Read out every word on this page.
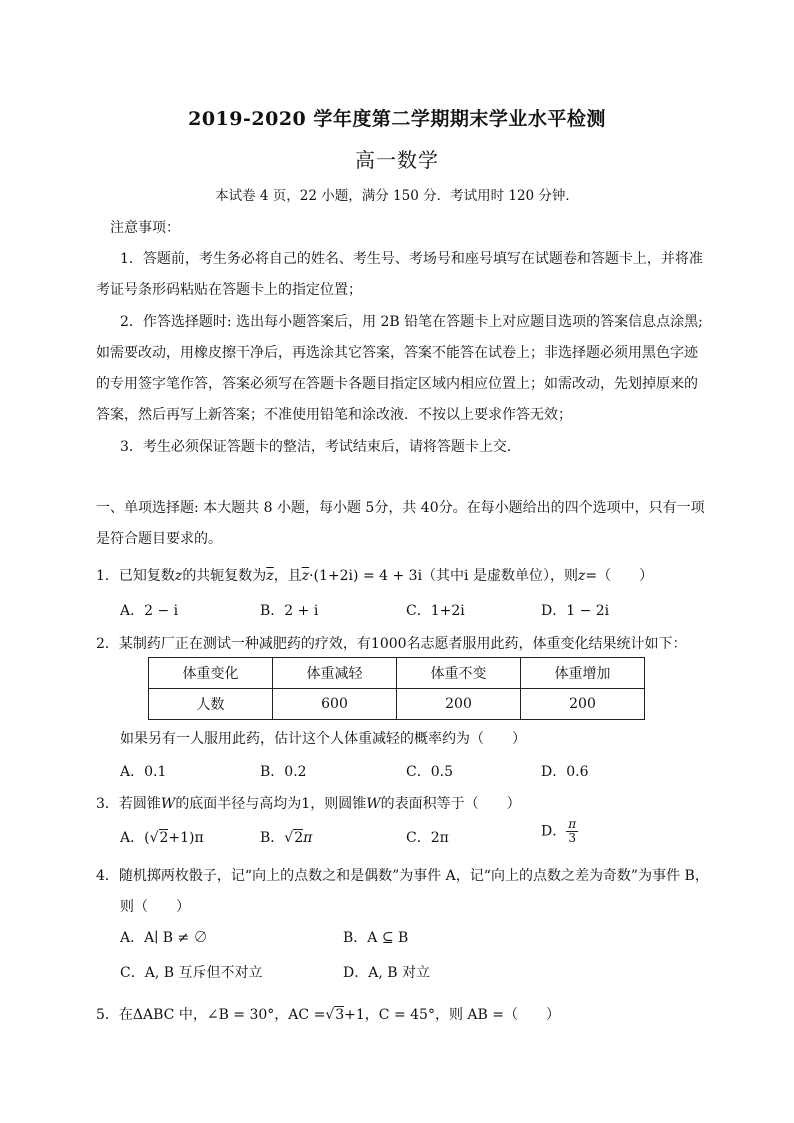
2019-2020 学年度第二学期期末学业水平检测
高一数学
本试卷 4 页，22 小题，满分 150 分．考试用时 120 分钟．
注意事项：
1．答题前，考生务必将自己的姓名、考生号、考场号和座号填写在试题卷和答题卡上，并将准
考证号条形码粘贴在答题卡上的指定位置；
2．作答选择题时: 选出每小题答案后，用 2B 铅笔在答题卡上对应题目选项的答案信息点涂黑;
如需要改动，用橡皮擦干净后，再选涂其它答案，答案不能答在试卷上；非选择题必须用黑色字迹
的专用签字笔作答，答案必须写在答题卡各题目指定区域内相应位置上；如需改动，先划掉原来的
答案，然后再写上新答案；不准使用铅笔和涂改液．不按以上要求作答无效；
3．考生必须保证答题卡的整洁，考试结束后，请将答题卡上交．
一、单项选择题: 本大题共 8 小题，每小题 5分，共 40分。在每小题给出的四个选项中，只有一项
是符合题目要求的。
1．已知复数z的共轭复数为$\overline{z}$，且$\overline{z}\cdot(1+2i) = 4 + 3i$（其中i 是虚数单位），则z=（　　）
A．2 − i	B．2 + i	C．1+2i	D．1 − 2i
2．某制药厂正在测试一种减肥药的疗效，有1000名志愿者服用此药，体重变化结果统计如下：
体重变化	体重减轻	体重不变	体重增加
人数	600	200	200
如果另有一人服用此药，估计这个人体重减轻的概率约为（　　）
A．0.1	B．0.2	C．0.5	D．0.6
3．若圆锥W的底面半径与高均为1，则圆锥W的表面积等于（　　）
A．(√2+1)π	B．√2π	C．2π	D． $\frac{\pi}{3}$
4．随机掷两枚骰子，记“向上的点数之和是偶数”为事件 A，记“向上的点数之差为奇数”为事件 B，
则（　　）
A．A∣ B ≠ ∅	B．A ⊆ B
C．A, B 互斥但不对立	D．A, B 对立
5．在ΔABC 中，∠B = 30°，AC =√3+1，C = 45°，则 AB =（　　）
